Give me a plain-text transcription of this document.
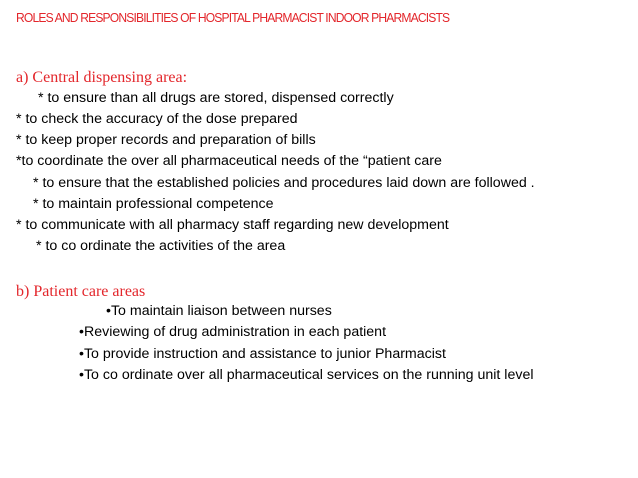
ROLES AND RESPONSIBILITIES OF HOSPITAL PHARMACIST INDOOR PHARMACISTS
a) Central dispensing area:
* to ensure than all drugs are stored, dispensed correctly
* to check the accuracy of the dose prepared
* to keep proper records and preparation of bills
*to coordinate the over all pharmaceutical needs of the “patient care
* to ensure that the established policies and procedures laid down are followed .
* to maintain professional competence
* to communicate with all pharmacy staff regarding new development
* to co ordinate the activities of the area
b) Patient care areas
•To maintain liaison between nurses
•Reviewing of drug administration in each patient
•To provide instruction and assistance to junior Pharmacist
•To co ordinate over all pharmaceutical services on the running unit level
